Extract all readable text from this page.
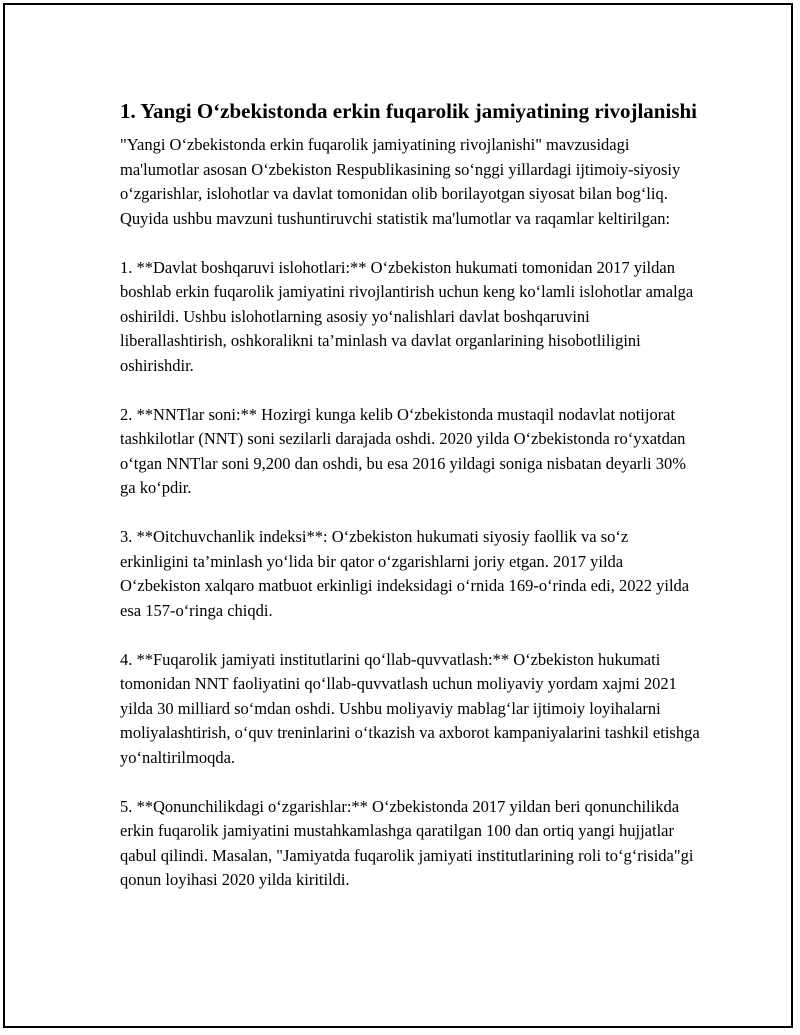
1. Yangi O‘zbekistonda erkin fuqarolik jamiyatining rivojlanishi

"Yangi O‘zbekistonda erkin fuqarolik jamiyatining rivojlanishi" mavzusidagi ma'lumotlar asosan O‘zbekiston Respublikasining so‘nggi yillardagi ijtimoiy-siyosiy o‘zgarishlar, islohotlar va davlat tomonidan olib borilayotgan siyosat bilan bog‘liq. Quyida ushbu mavzuni tushuntiruvchi statistik ma'lumotlar va raqamlar keltirilgan:

1. **Davlat boshqaruvi islohotlari:** O‘zbekiston hukumati tomonidan 2017 yildan boshlab erkin fuqarolik jamiyatini rivojlantirish uchun keng ko‘lamli islohotlar amalga oshirildi. Ushbu islohotlarning asosiy yo‘nalishlari davlat boshqaruvini liberallashtirish, oshkoralikni ta’minlash va davlat organlarining hisobotliligini oshirishdir.

2. **NNTlar soni:** Hozirgi kunga kelib O‘zbekistonda mustaqil nodavlat notijorat tashkilotlar (NNT) soni sezilarli darajada oshdi. 2020 yilda O‘zbekistonda ro‘yxatdan o‘tgan NNTlar soni 9,200 dan oshdi, bu esa 2016 yildagi soniga nisbatan deyarli 30% ga ko‘pdir.

3. **Oitchuvchanlik indeksi**: O‘zbekiston hukumati siyosiy faollik va so‘z erkinligini ta’minlash yo‘lida bir qator o‘zgarishlarni joriy etgan. 2017 yilda O‘zbekiston xalqaro matbuot erkinligi indeksidagi o‘rnida 169-o‘rinda edi, 2022 yilda esa 157-o‘ringa chiqdi.

4. **Fuqarolik jamiyati institutlarini qo‘llab-quvvatlash:** O‘zbekiston hukumati tomonidan NNT faoliyatini qo‘llab-quvvatlash uchun moliyaviy yordam xajmi 2021 yilda 30 milliard so‘mdan oshdi. Ushbu moliyaviy mablag‘lar ijtimoiy loyihalarni moliyalashtirish, o‘quv treninlarini o‘tkazish va axborot kampaniyalarini tashkil etishga yo‘naltirilmoqda.

5. **Qonunchilikdagi o‘zgarishlar:** O‘zbekistonda 2017 yildan beri qonunchilikda erkin fuqarolik jamiyatini mustahkamlashga qaratilgan 100 dan ortiq yangi hujjatlar qabul qilindi. Masalan, "Jamiyatda fuqarolik jamiyati institutlarining roli to‘g‘risida"gi qonun loyihasi 2020 yilda kiritildi.
